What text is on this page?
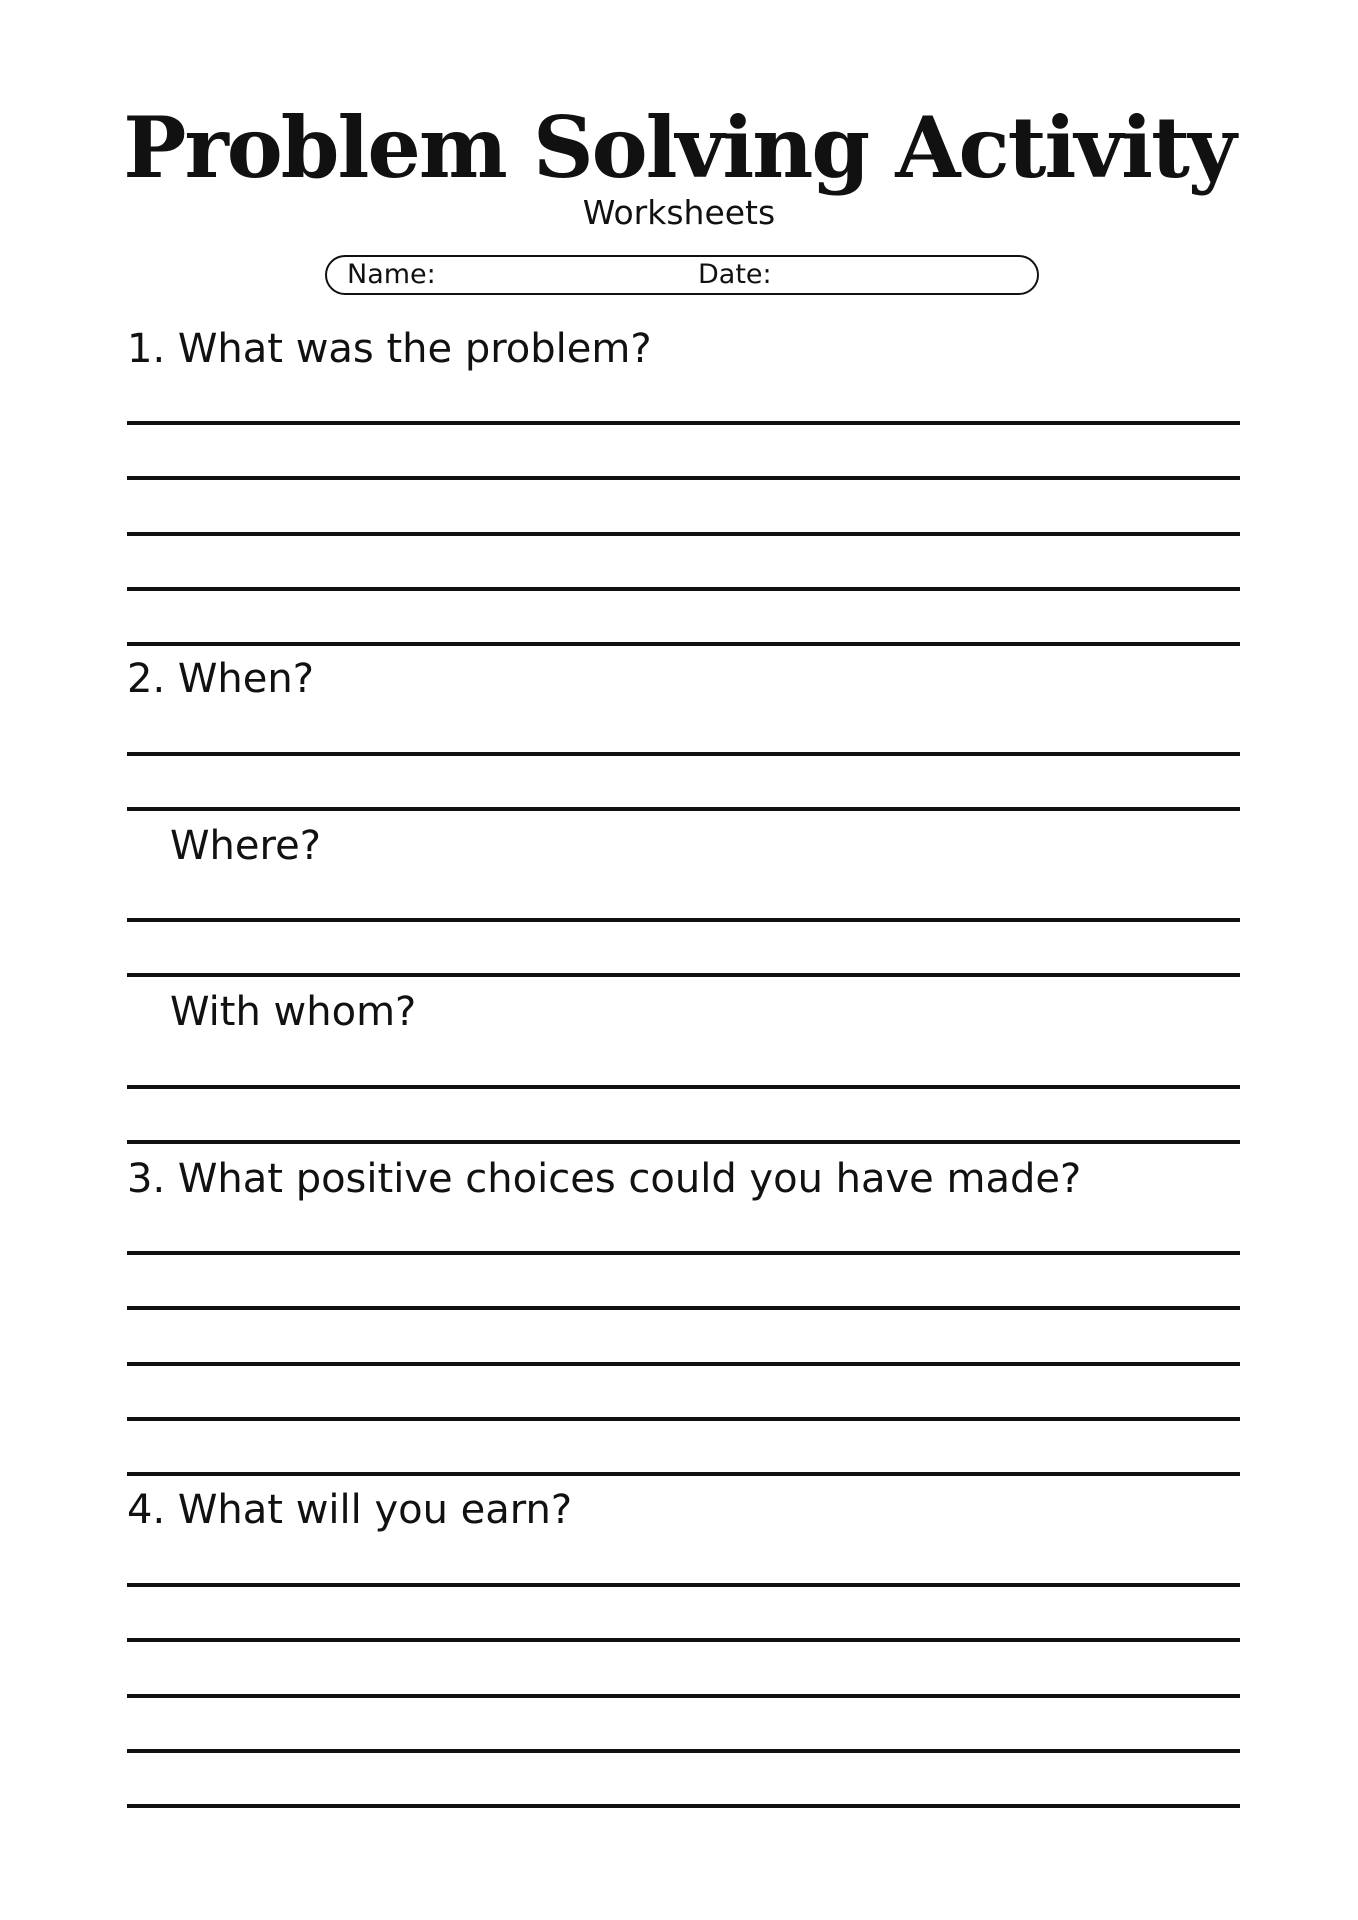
Problem Solving Activity
Worksheets
Name:	Date:
1. What was the problem?
2. When?
Where?
With whom?
3. What positive choices could you have made?
4. What will you earn?
